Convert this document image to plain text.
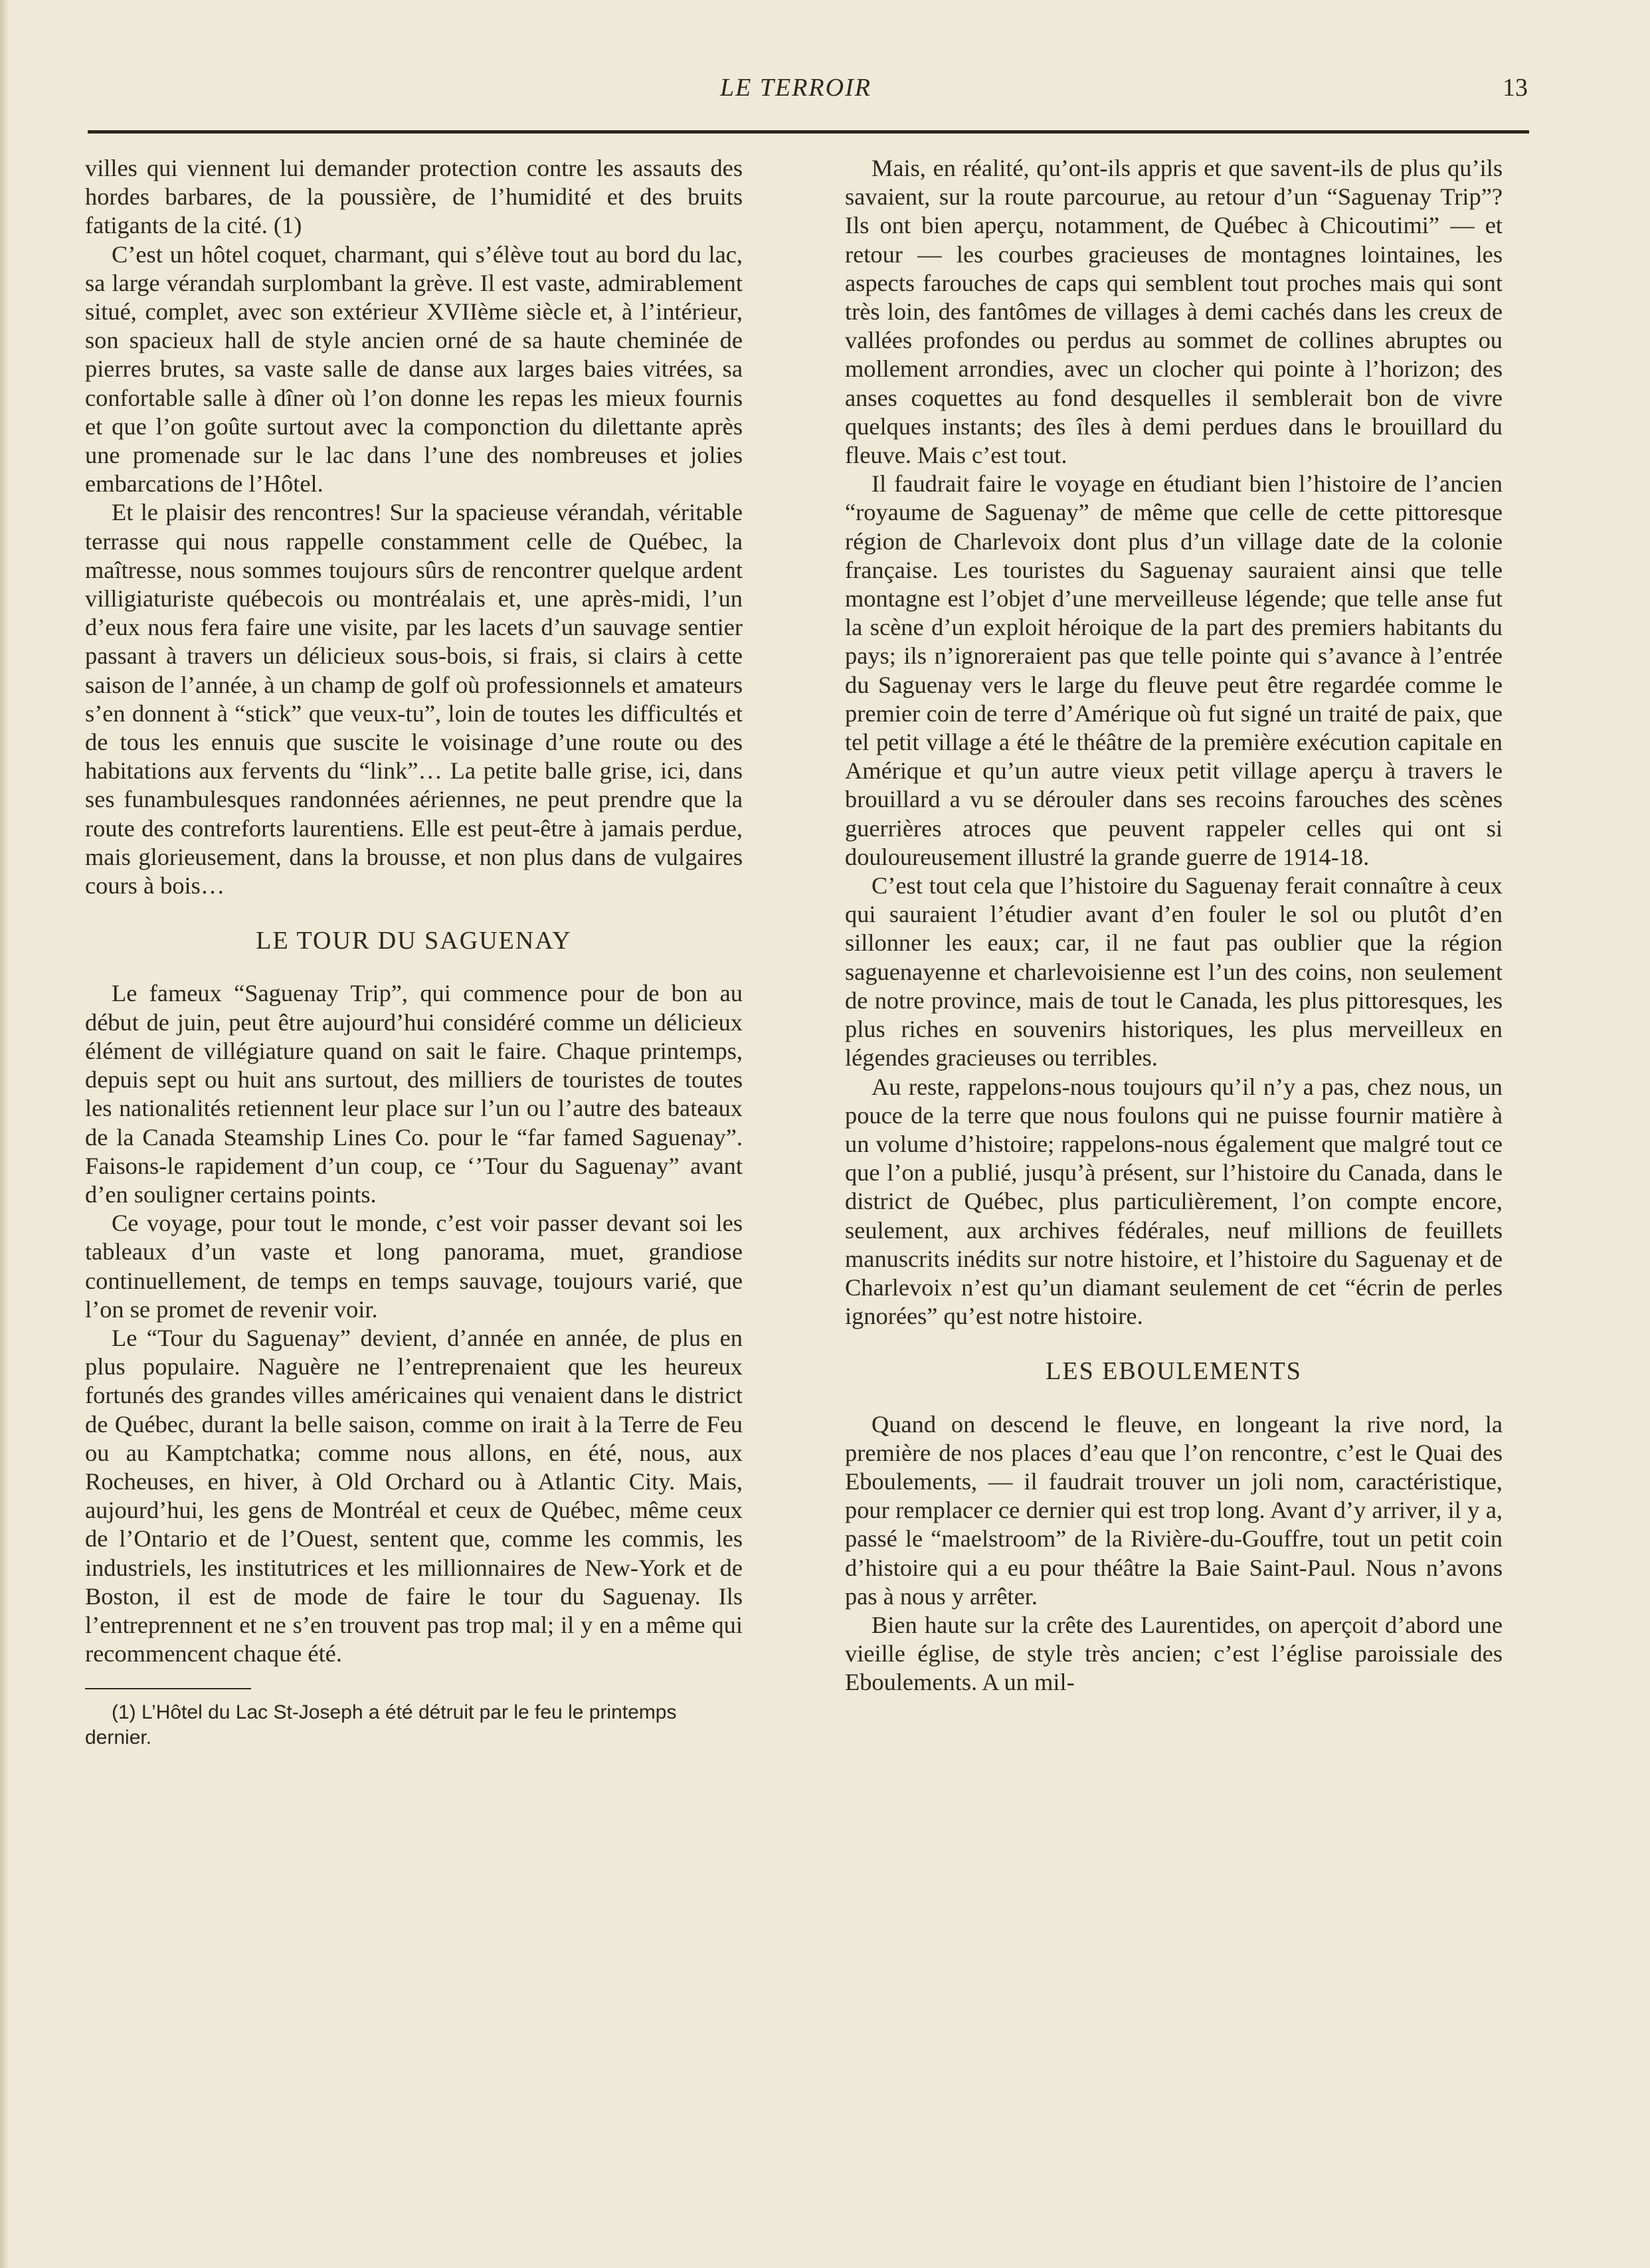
LE TERROIR	13

villes qui viennent lui demander protection contre les assauts des hordes barbares, de la poussière, de l’humidité et des bruits fatigants de la cité. (1)

C’est un hôtel coquet, charmant, qui s’élève tout au bord du lac, sa large vérandah surplombant la grève. Il est vaste, admirablement situé, complet, avec son extérieur XVIIème siècle et, à l’intérieur, son spacieux hall de style ancien orné de sa haute cheminée de pierres brutes, sa vaste salle de danse aux larges baies vitrées, sa confortable salle à dîner où l’on donne les repas les mieux fournis et que l’on goûte surtout avec la componction du dilettante après une promenade sur le lac dans l’une des nombreuses et jolies embarcations de l’Hôtel.

Et le plaisir des rencontres! Sur la spacieuse vérandah, véritable terrasse qui nous rappelle constamment celle de Québec, la maîtresse, nous sommes toujours sûrs de rencontrer quelque ardent villigiaturiste québecois ou montréalais et, une après-midi, l’un d’eux nous fera faire une visite, par les lacets d’un sauvage sentier passant à travers un délicieux sous-bois, si frais, si clairs à cette saison de l’année, à un champ de golf où professionnels et amateurs s’en donnent à “stick” que veux-tu”, loin de toutes les difficultés et de tous les ennuis que suscite le voisinage d’une route ou des habitations aux fervents du “link”… La petite balle grise, ici, dans ses funambulesques randonnées aériennes, ne peut prendre que la route des contreforts laurentiens. Elle est peut-être à jamais perdue, mais glorieusement, dans la brousse, et non plus dans de vulgaires cours à bois…

LE TOUR DU SAGUENAY

Le fameux “Saguenay Trip”, qui commence pour de bon au début de juin, peut être aujourd’hui considéré comme un délicieux élément de villégiature quand on sait le faire. Chaque printemps, depuis sept ou huit ans surtout, des milliers de touristes de toutes les nationalités retiennent leur place sur l’un ou l’autre des bateaux de la Canada Steamship Lines Co. pour le “far famed Saguenay”. Faisons-le rapidement d’un coup, ce ‘’Tour du Saguenay” avant d’en souligner certains points.

Ce voyage, pour tout le monde, c’est voir passer devant soi les tableaux d’un vaste et long panorama, muet, grandiose continuellement, de temps en temps sauvage, toujours varié, que l’on se promet de revenir voir.

Le “Tour du Saguenay” devient, d’année en année, de plus en plus populaire. Naguère ne l’entreprenaient que les heureux fortunés des grandes villes américaines qui venaient dans le district de Québec, durant la belle saison, comme on irait à la Terre de Feu ou au Kamptchatka; comme nous allons, en été, nous, aux Rocheuses, en hiver, à Old Orchard ou à Atlantic City. Mais, aujourd’hui, les gens de Montréal et ceux de Québec, même ceux de l’Ontario et de l’Ouest, sentent que, comme les commis, les industriels, les institutrices et les millionnaires de New-York et de Boston, il est de mode de faire le tour du Saguenay. Ils l’entreprennent et ne s’en trouvent pas trop mal; il y en a même qui recommencent chaque été.

(1) L’Hôtel du Lac St-Joseph a été détruit par le feu le printemps dernier.

Mais, en réalité, qu’ont-ils appris et que savent-ils de plus qu’ils savaient, sur la route parcourue, au retour d’un “Saguenay Trip”? Ils ont bien aperçu, notamment, de Québec à Chicoutimi” — et retour — les courbes gracieuses de montagnes lointaines, les aspects farouches de caps qui semblent tout proches mais qui sont très loin, des fantômes de villages à demi cachés dans les creux de vallées profondes ou perdus au sommet de collines abruptes ou mollement arrondies, avec un clocher qui pointe à l’horizon; des anses coquettes au fond desquelles il semblerait bon de vivre quelques instants; des îles à demi perdues dans le brouillard du fleuve. Mais c’est tout.

Il faudrait faire le voyage en étudiant bien l’histoire de l’ancien “royaume de Saguenay” de même que celle de cette pittoresque région de Charlevoix dont plus d’un village date de la colonie française. Les touristes du Saguenay sauraient ainsi que telle montagne est l’objet d’une merveilleuse légende; que telle anse fut la scène d’un exploit héroique de la part des premiers habitants du pays; ils n’ignoreraient pas que telle pointe qui s’avance à l’entrée du Saguenay vers le large du fleuve peut être regardée comme le premier coin de terre d’Amérique où fut signé un traité de paix, que tel petit village a été le théâtre de la première exécution capitale en Amérique et qu’un autre vieux petit village aperçu à travers le brouillard a vu se dérouler dans ses recoins farouches des scènes guerrières atroces que peuvent rappeler celles qui ont si douloureusement illustré la grande guerre de 1914-18.

C’est tout cela que l’histoire du Saguenay ferait connaître à ceux qui sauraient l’étudier avant d’en fouler le sol ou plutôt d’en sillonner les eaux; car, il ne faut pas oublier que la région saguenayenne et charlevoisienne est l’un des coins, non seulement de notre province, mais de tout le Canada, les plus pittoresques, les plus riches en souvenirs historiques, les plus merveilleux en légendes gracieuses ou terribles.

Au reste, rappelons-nous toujours qu’il n’y a pas, chez nous, un pouce de la terre que nous foulons qui ne puisse fournir matière à un volume d’histoire; rappelons-nous également que malgré tout ce que l’on a publié, jusqu’à présent, sur l’histoire du Canada, dans le district de Québec, plus particulièrement, l’on compte encore, seulement, aux archives fédérales, neuf millions de feuillets manuscrits inédits sur notre histoire, et l’histoire du Saguenay et de Charlevoix n’est qu’un diamant seulement de cet “écrin de perles ignorées” qu’est notre histoire.

LES EBOULEMENTS

Quand on descend le fleuve, en longeant la rive nord, la première de nos places d’eau que l’on rencontre, c’est le Quai des Eboulements, — il faudrait trouver un joli nom, caractéristique, pour remplacer ce dernier qui est trop long. Avant d’y arriver, il y a, passé le “maelstroom” de la Rivière-du-Gouffre, tout un petit coin d’histoire qui a eu pour théâtre la Baie Saint-Paul. Nous n’avons pas à nous y arrêter.

Bien haute sur la crête des Laurentides, on aperçoit d’abord une vieille église, de style très ancien; c’est l’église paroissiale des Eboulements. A un mil-
